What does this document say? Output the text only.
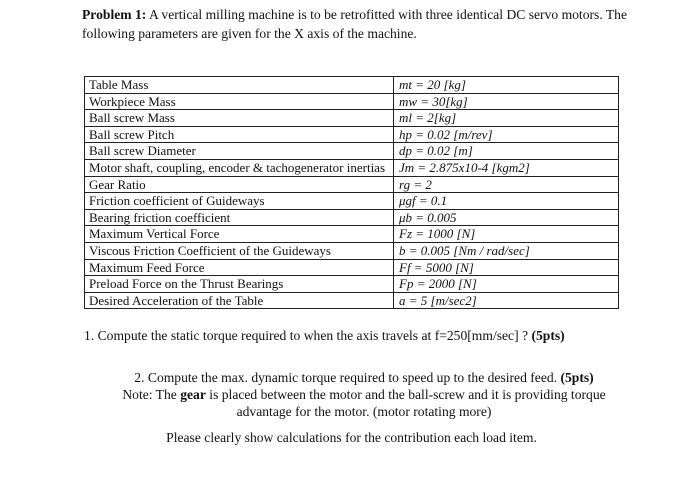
Problem 1: A vertical milling machine is to be retrofitted with three identical DC servo motors. The following parameters are given for the X axis of the machine.

Table Mass	mt = 20 [kg]
Workpiece Mass	mw = 30[kg]
Ball screw Mass	ml = 2[kg]
Ball screw Pitch	hp = 0.02 [m/rev]
Ball screw Diameter	dp = 0.02 [m]
Motor shaft, coupling, encoder & tachogenerator inertias	Jm = 2.875x10-4 [kgm2]
Gear Ratio	rg = 2
Friction coefficient of Guideways	μgf = 0.1
Bearing friction coefficient	μb = 0.005
Maximum Vertical Force	Fz = 1000 [N]
Viscous Friction Coefficient of the Guideways	b = 0.005 [Nm / rad/sec]
Maximum Feed Force	Ff = 5000 [N]
Preload Force on the Thrust Bearings	Fp = 2000 [N]
Desired Acceleration of the Table	a = 5 [m/sec2]

1. Compute the static torque required to when the axis travels at f=250[mm/sec] ? (5pts)

2. Compute the max. dynamic torque required to speed up to the desired feed. (5pts)
Note: The gear is placed between the motor and the ball-screw and it is providing torque
advantage for the motor. (motor rotating more)

Please clearly show calculations for the contribution each load item.
